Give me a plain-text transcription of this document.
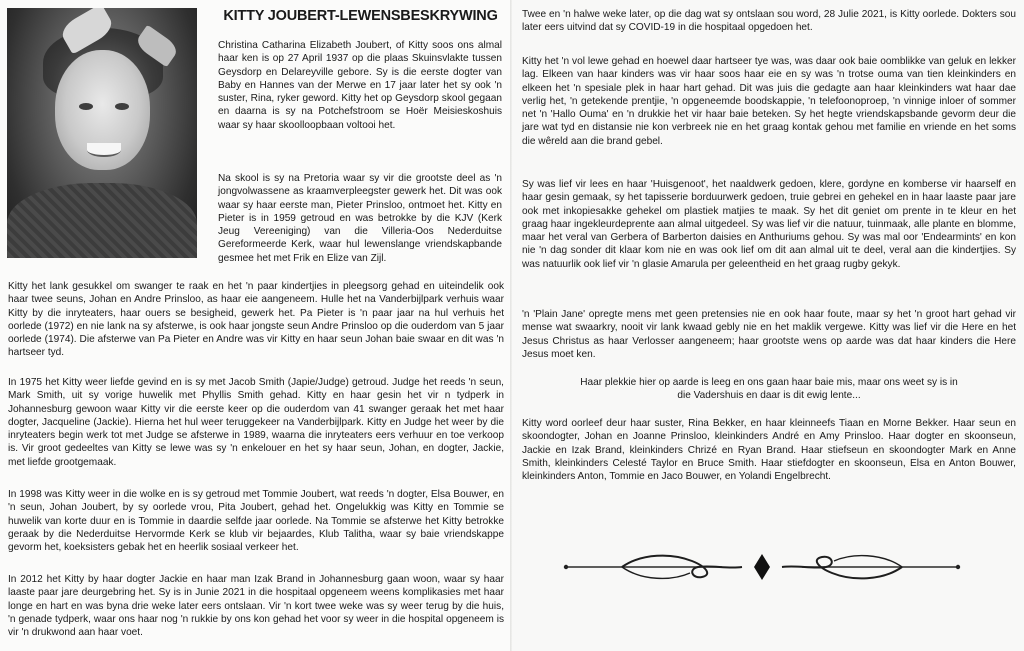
KITTY JOUBERT-LEWENSBESKRYWING

Christina Catharina Elizabeth Joubert, of Kitty soos ons almal haar ken is op 27 April 1937 op die plaas Skuinsvlakte tussen Geysdorp en Delareyville gebore. Sy is die eerste dogter van Baby en Hannes van der Merwe en 17 jaar later het sy ook 'n suster, Rina, ryker geword. Kitty het op Geysdorp skool gegaan en daarna is sy na Potchefstroom se Hoër Meisieskoshuis waar sy haar skoolloopbaan voltooi het.

Na skool is sy na Pretoria waar sy vir die grootste deel as 'n jongvolwassene as kraamverpleegster gewerk het. Dit was ook waar sy haar eerste man, Pieter Prinsloo, ontmoet het. Kitty en Pieter is in 1959 getroud en was betrokke by die KJV (Kerk Jeug Vereeniging) van die Villeria-Oos Nederduitse Gereformeerde Kerk, waar hul lewenslange vriendskapbande gesmee het met Frik en Elize van Zijl.

Kitty het lank gesukkel om swanger te raak en het 'n paar kindertjies in pleegsorg gehad en uiteindelik ook haar twee seuns, Johan en Andre Prinsloo, as haar eie aangeneem. Hulle het na Vanderbijlpark verhuis waar Kitty by die inryteaters, haar ouers se besigheid, gewerk het. Pa Pieter is 'n paar jaar na hul verhuis het oorlede (1972) en nie lank na sy afsterwe, is ook haar jongste seun Andre Prinsloo op die ouderdom van 5 jaar oorlede (1974). Die afsterwe van Pa Pieter en Andre was vir Kitty en haar seun Johan baie swaar en dit was 'n hartseer tyd.

In 1975 het Kitty weer liefde gevind en is sy met Jacob Smith (Japie/Judge) getroud. Judge het reeds 'n seun, Mark Smith, uit sy vorige huwelik met Phyllis Smith gehad. Kitty en haar gesin het vir n tydperk in Johannesburg gewoon waar Kitty vir die eerste keer op die ouderdom van 41 swanger geraak het met haar dogter, Jacqueline (Jackie). Hierna het hul weer teruggekeer na Vanderbijlpark. Kitty en Judge het weer by die inryteaters begin werk tot met Judge se afsterwe in 1989, waarna die inryteaters eers verhuur en toe verkoop is. Vir groot gedeeltes van Kitty se lewe was sy 'n enkelouer en het sy haar seun, Johan, en dogter, Jackie, met liefde grootgemaak.

In 1998 was Kitty weer in die wolke en is sy getroud met Tommie Joubert, wat reeds 'n dogter, Elsa Bouwer, en 'n seun, Johan Joubert, by sy oorlede vrou, Pita Joubert, gehad het. Ongelukkig was Kitty en Tommie se huwelik van korte duur en is Tommie in daardie selfde jaar oorlede. Na Tommie se afsterwe het Kitty betrokke geraak by die Nederduitse Hervormde Kerk se klub vir bejaardes, Klub Talitha, waar sy baie vriendskappe gevorm het, koeksisters gebak het en heerlik sosiaal verkeer het.

In 2012 het Kitty by haar dogter Jackie en haar man Izak Brand in Johannesburg gaan woon, waar sy haar laaste paar jare deurgebring het. Sy is in Junie 2021 in die hospitaal opgeneem weens komplikasies met haar longe en hart en was byna drie weke later eers ontslaan. Vir 'n kort twee weke was sy weer terug by die huis, 'n genade tydperk, waar ons haar nog 'n rukkie by ons kon gehad het voor sy weer in die hospital opgeneem is vir 'n drukwond aan haar voet.

Twee en 'n halwe weke later, op die dag wat sy ontslaan sou word, 28 Julie 2021, is Kitty oorlede. Dokters sou later eers uitvind dat sy COVID-19 in die hospitaal opgedoen het.

Kitty het 'n vol lewe gehad en hoewel daar hartseer tye was, was daar ook baie oomblikke van geluk en lekker lag. Elkeen van haar kinders was vir haar soos haar eie en sy was 'n trotse ouma van tien kleinkinders en elkeen het 'n spesiale plek in haar hart gehad. Dit was juis die gedagte aan haar kleinkinders wat haar dae verlig het, 'n getekende prentjie, 'n opgeneemde boodskappie, 'n telefoonoproep, 'n vinnige inloer of sommer net 'n 'Hallo Ouma' en 'n drukkie het vir haar baie beteken. Sy het hegte vriendskapsbande gevorm deur die jare wat tyd en distansie nie kon verbreek nie en het graag kontak gehou met familie en vriende en het soms die wêreld aan die brand gebel.

Sy was lief vir lees en haar 'Huisgenoot', het naaldwerk gedoen, klere, gordyne en komberse vir haarself en haar gesin gemaak, sy het tapisserie borduurwerk gedoen, truie gebrei en gehekel en in haar laaste paar jare ook met inkopiesakke gehekel om plastiek matjies te maak. Sy het dit geniet om prente in te kleur en het graag haar ingekleurdeprente aan almal uitgedeel. Sy was lief vir die natuur, tuinmaak, alle plante en blomme, maar het veral van Gerbera of Barberton daisies en Anthuriums gehou. Sy was mal oor 'Endearmints' en kon nie 'n dag sonder dit klaar kom nie en was ook lief om dit aan almal uit te deel, veral aan die kindertjies. Sy was natuurlik ook lief vir 'n glasie Amarula per geleentheid en het graag rugby gekyk.

'n 'Plain Jane' opregte mens met geen pretensies nie en ook haar foute, maar sy het 'n groot hart gehad vir mense wat swaarkry, nooit vir lank kwaad gebly nie en het maklik vergewe. Kitty was lief vir die Here en het Jesus Christus as haar Verlosser aangeneem; haar grootste wens op aarde was dat haar kinders die Here Jesus moet ken.

Haar plekkie hier op aarde is leeg en ons gaan haar baie mis, maar ons weet sy is in

die Vadershuis en daar is dit ewig lente...

Kitty word oorleef deur haar suster, Rina Bekker, en haar kleinneefs Tiaan en Morne Bekker. Haar seun en skoondogter, Johan en Joanne Prinsloo, kleinkinders André en Amy Prinsloo. Haar dogter en skoonseun, Jackie en Izak Brand, kleinkinders Chrizé en Ryan Brand. Haar stiefseun en skoondogter Mark en Anne Smith, kleinkinders Celesté Taylor en Bruce Smith. Haar stiefdogter en skoonseun, Elsa en Anton Bouwer, kleinkinders Anton, Tommie en Jaco Bouwer, en Yolandi Engelbrecht.
